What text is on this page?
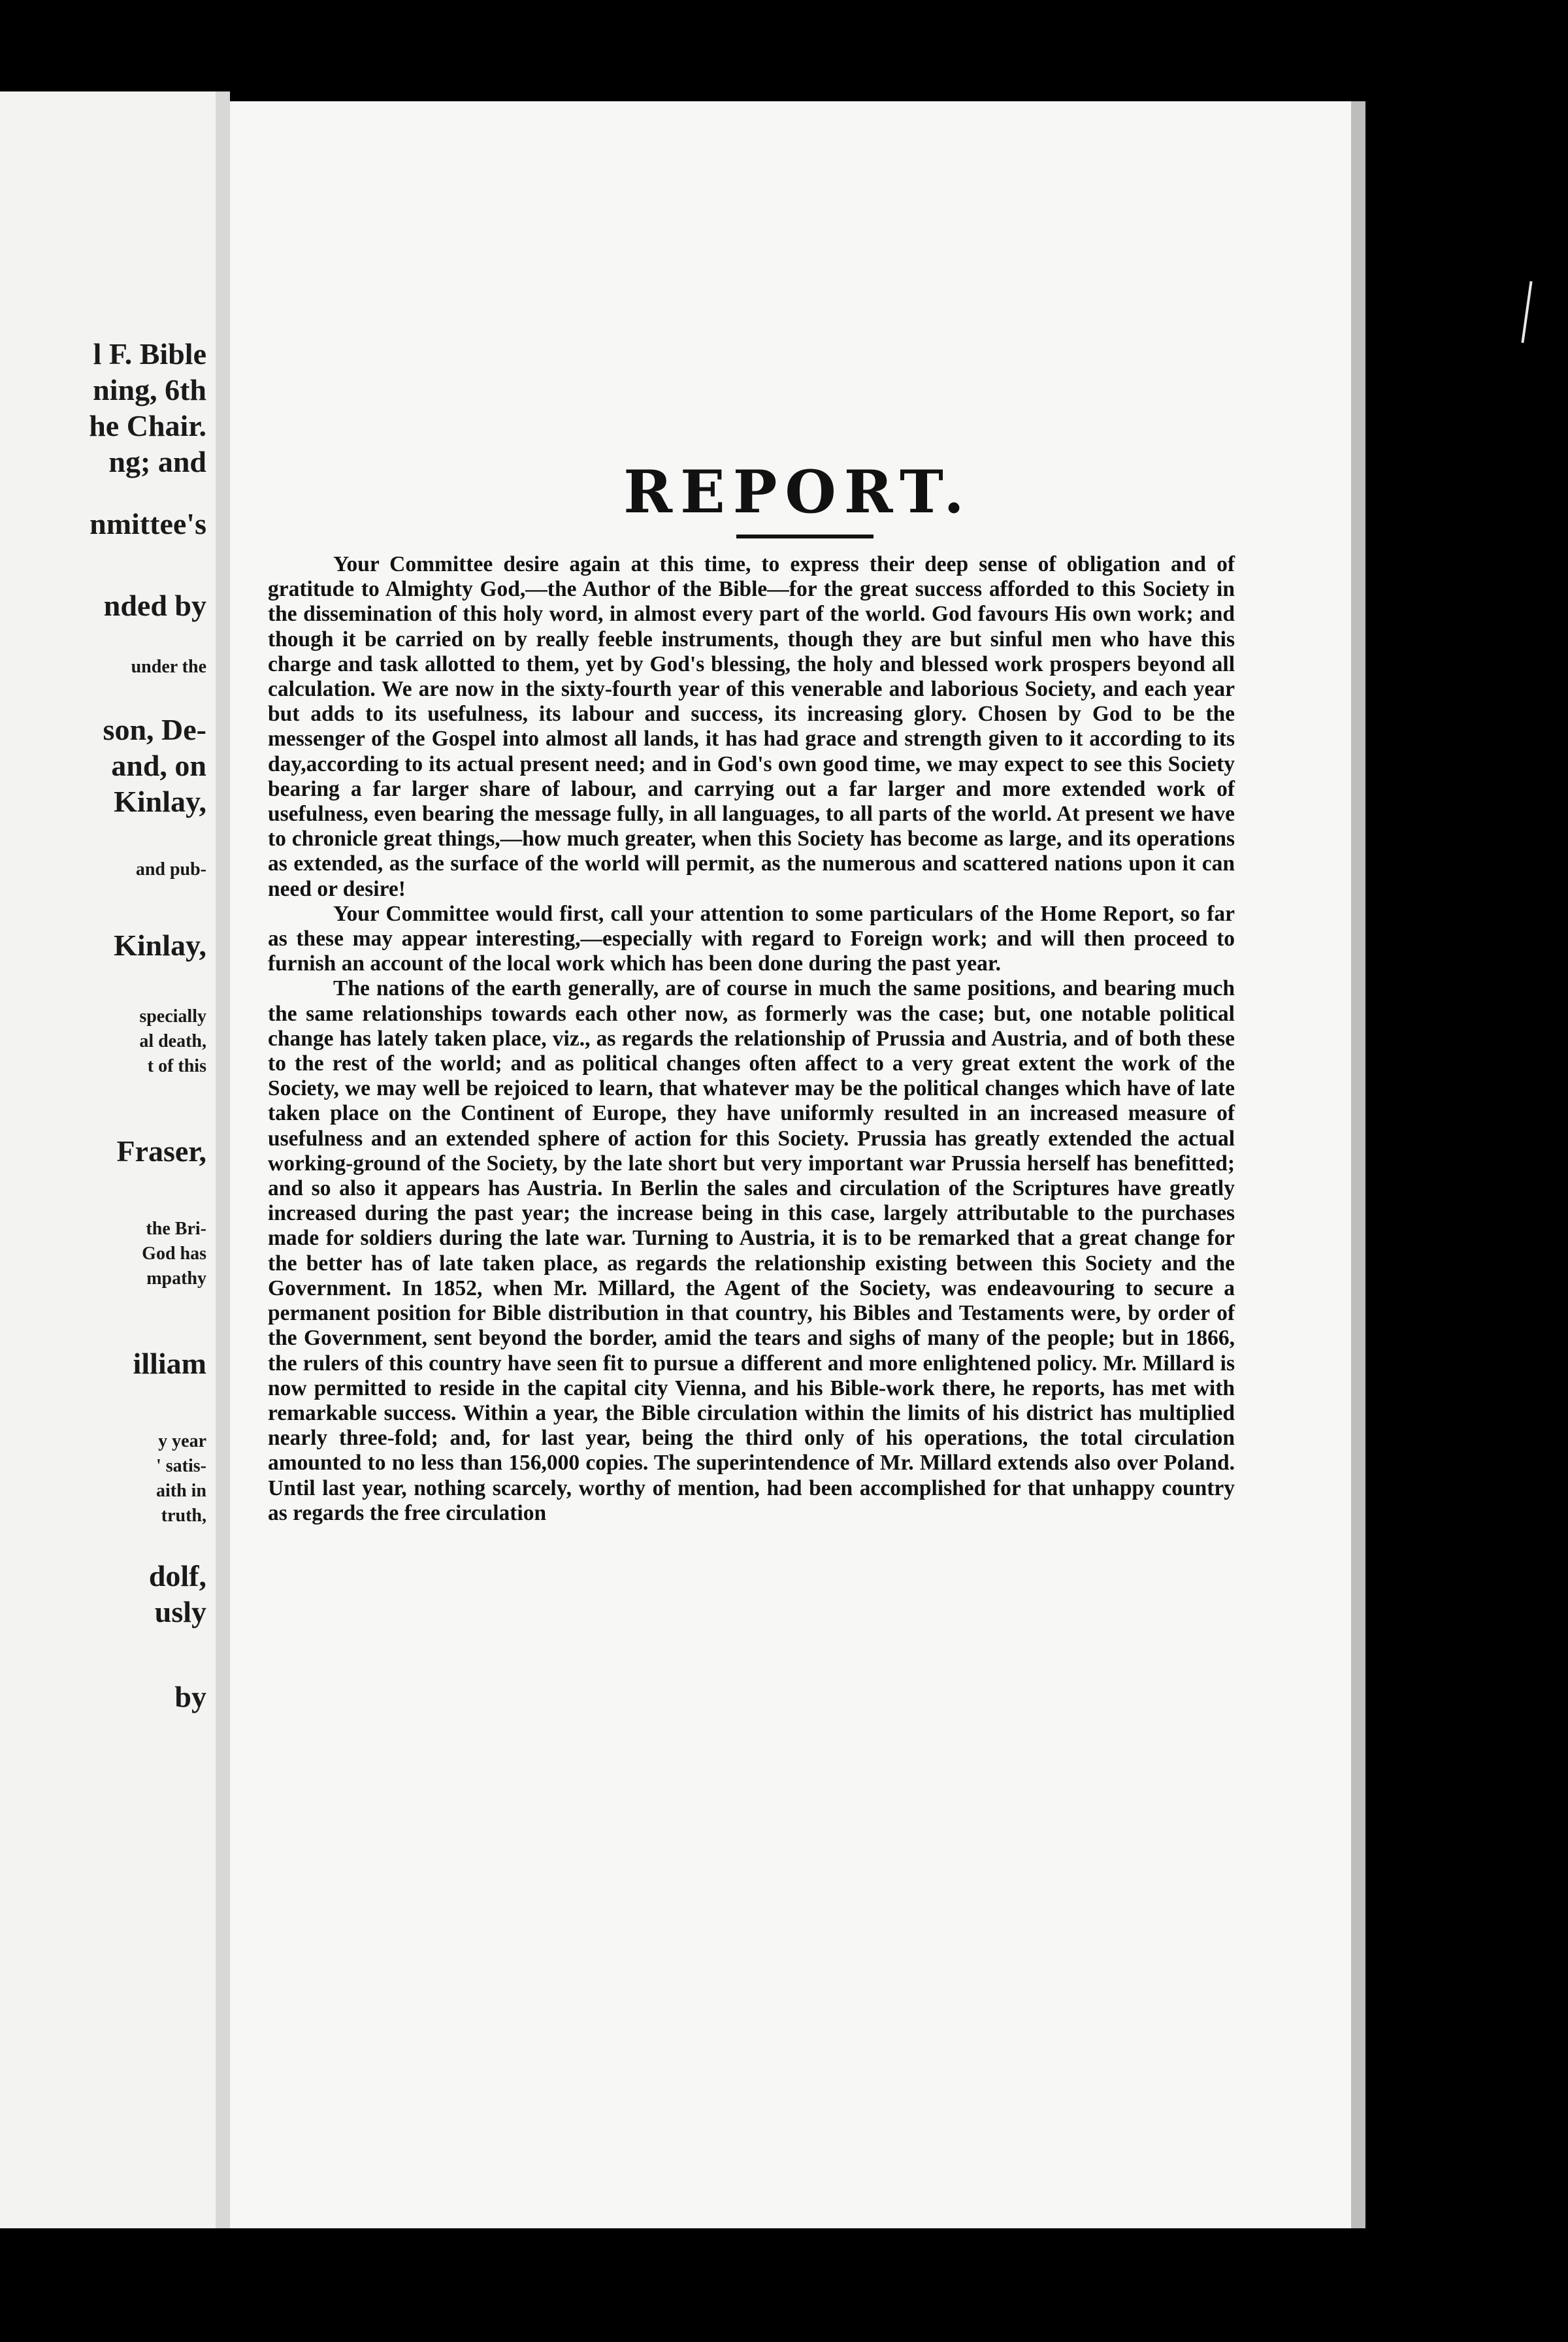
l F. Bible
ning, 6th
he Chair.
ng; and
nmittee's
nded by
under the
son, De-
and, on
Kinlay,
and pub-
Kinlay,
specially
al death,
t of this
Fraser,
the Bri-
God has
mpathy
illiam
y year
' satis-
aith in
truth,
dolf,
usly
by
REPORT.

Your Committee desire again at this time, to express their deep sense of obligation and of gratitude to Almighty God,—the Author of the Bible—for the great success afforded to this Society in the dissemination of this holy word, in almost every part of the world. God favours His own work; and though it be carried on by really feeble instruments, though they are but sinful men who have this charge and task allotted to them, yet by God's blessing, the holy and blessed work prospers beyond all calculation. We are now in the sixty-fourth year of this venerable and laborious Society, and each year but adds to its usefulness, its labour and success, its increasing glory. Chosen by God to be the messenger of the Gospel into almost all lands, it has had grace and strength given to it according to its day,according to its actual present need; and in God's own good time, we may expect to see this Society bearing a far larger share of labour, and carrying out a far larger and more extended work of usefulness, even bearing the message fully, in all languages, to all parts of the world. At present we have to chronicle great things,—how much greater, when this Society has become as large, and its operations as extended, as the surface of the world will permit, as the numerous and scattered nations upon it can need or desire!

Your Committee would first, call your attention to some particulars of the Home Report, so far as these may appear interesting,—especially with regard to Foreign work; and will then proceed to furnish an account of the local work which has been done during the past year.

The nations of the earth generally, are of course in much the same positions, and bearing much the same relationships towards each other now, as formerly was the case; but, one notable political change has lately taken place, viz., as regards the relationship of Prussia and Austria, and of both these to the rest of the world; and as political changes often affect to a very great extent the work of the Society, we may well be rejoiced to learn, that whatever may be the political changes which have of late taken place on the Continent of Europe, they have uniformly resulted in an increased measure of usefulness and an extended sphere of action for this Society. Prussia has greatly extended the actual working-ground of the Society, by the late short but very important war Prussia herself has benefitted; and so also it appears has Austria. In Berlin the sales and circulation of the Scriptures have greatly increased during the past year; the increase being in this case, largely attributable to the purchases made for soldiers during the late war. Turning to Austria, it is to be remarked that a great change for the better has of late taken place, as regards the relationship existing between this Society and the Government. In 1852, when Mr. Millard, the Agent of the Society, was endeavouring to secure a permanent position for Bible distribution in that country, his Bibles and Testaments were, by order of the Government, sent beyond the border, amid the tears and sighs of many of the people; but in 1866, the rulers of this country have seen fit to pursue a different and more enlightened policy. Mr. Millard is now permitted to reside in the capital city Vienna, and his Bible-work there, he reports, has met with remarkable success. Within a year, the Bible circulation within the limits of his district has multiplied nearly three-fold; and, for last year, being the third only of his operations, the total circulation amounted to no less than 156,000 copies. The superintendence of Mr. Millard extends also over Poland. Until last year, nothing scarcely, worthy of mention, had been accomplished for that unhappy country as regards the free circulation
